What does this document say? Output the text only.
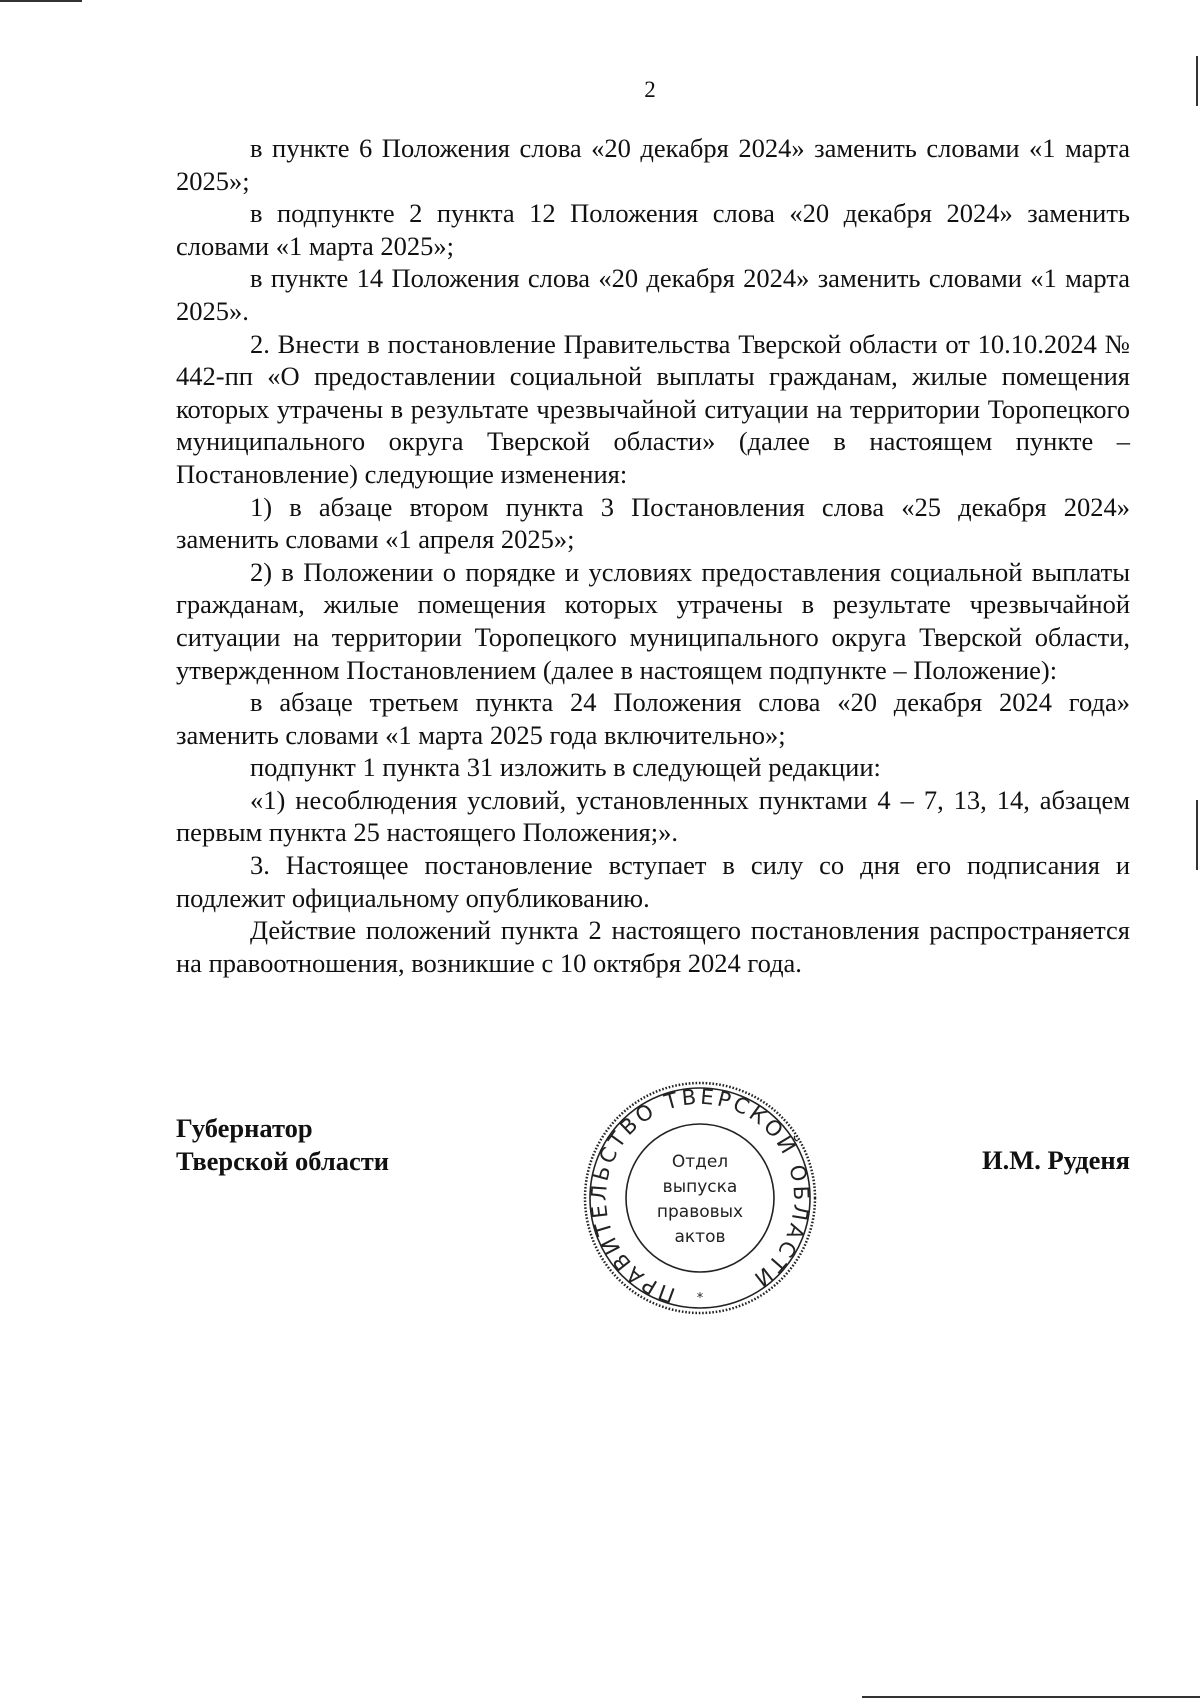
2

в пункте 6 Положения слова «20 декабря 2024» заменить словами «1 марта 2025»;

в подпункте 2 пункта 12 Положения слова «20 декабря 2024» заменить словами «1 марта 2025»;

в пункте 14 Положения слова «20 декабря 2024» заменить словами «1 марта 2025».

2. Внести в постановление Правительства Тверской области от 10.10.2024 № 442-пп «О предоставлении социальной выплаты гражданам, жилые помещения которых утрачены в результате чрезвычайной ситуации на территории Торопецкого муниципального округа Тверской области» (далее в настоящем пункте – Постановление) следующие изменения:

1) в абзаце втором пункта 3 Постановления слова «25 декабря 2024» заменить словами «1 апреля 2025»;

2) в Положении о порядке и условиях предоставления социальной выплаты гражданам, жилые помещения которых утрачены в результате чрезвычайной ситуации на территории Торопецкого муниципального округа Тверской области, утвержденном Постановлением (далее в настоящем подпункте – Положение):

в абзаце третьем пункта 24 Положения слова «20 декабря 2024 года» заменить словами «1 марта 2025 года включительно»;

подпункт 1 пункта 31 изложить в следующей редакции:

«1) несоблюдения условий, установленных пунктами 4 – 7, 13, 14, абзацем первым пункта 25 настоящего Положения;».

3. Настоящее постановление вступает в силу со дня его подписания и подлежит официальному опубликованию.

Действие положений пункта 2 настоящего постановления распространяется на правоотношения, возникшие с 10 октября 2024 года.

Губернатор
Тверской области
ПРАВИТЕЛЬСТВО ТВЕРСКОЙ ОБЛАСТИ
Отдел
выпуска
правовых
актов
*
И.М. Руденя
